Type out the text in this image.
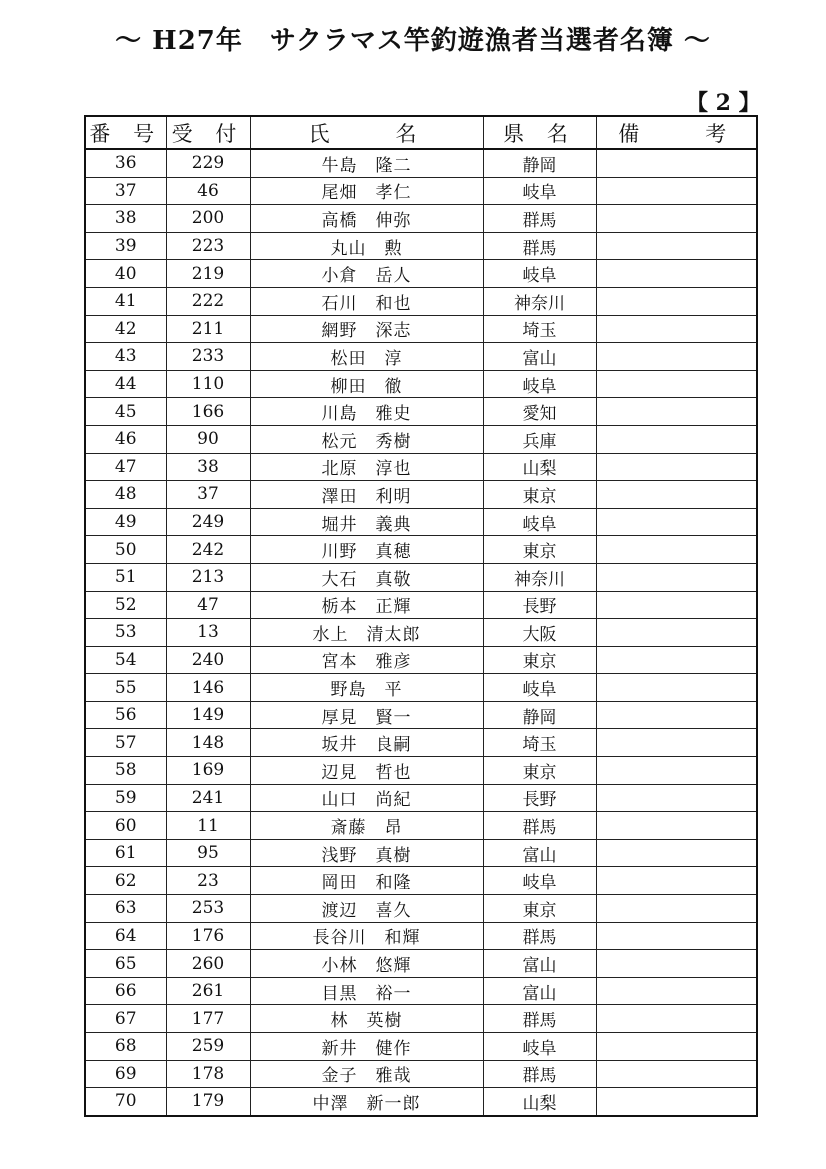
～ H27年　サクラマス竿釣遊漁者当選者名簿 ～
【 2 】
番 号	受 付	氏　　名	県 名	備　　考
36	229	牛島　隆二	静岡	
37	46	尾畑　孝仁	岐阜	
38	200	高橋　伸弥	群馬	
39	223	丸山　勲	群馬	
40	219	小倉　岳人	岐阜	
41	222	石川　和也	神奈川	
42	211	網野　深志	埼玉	
43	233	松田　淳	富山	
44	110	柳田　徹	岐阜	
45	166	川島　雅史	愛知	
46	90	松元　秀樹	兵庫	
47	38	北原　淳也	山梨	
48	37	澤田　利明	東京	
49	249	堀井　義典	岐阜	
50	242	川野　真穂	東京	
51	213	大石　真敬	神奈川	
52	47	栃本　正輝	長野	
53	13	水上　清太郎	大阪	
54	240	宮本　雅彦	東京	
55	146	野島　平	岐阜	
56	149	厚見　賢一	静岡	
57	148	坂井　良嗣	埼玉	
58	169	辺見　哲也	東京	
59	241	山口　尚紀	長野	
60	11	斎藤　昂	群馬	
61	95	浅野　真樹	富山	
62	23	岡田　和隆	岐阜	
63	253	渡辺　喜久	東京	
64	176	長谷川　和輝	群馬	
65	260	小林　悠輝	富山	
66	261	目黒　裕一	富山	
67	177	林　英樹	群馬	
68	259	新井　健作	岐阜	
69	178	金子　雅哉	群馬	
70	179	中澤　新一郎	山梨	
